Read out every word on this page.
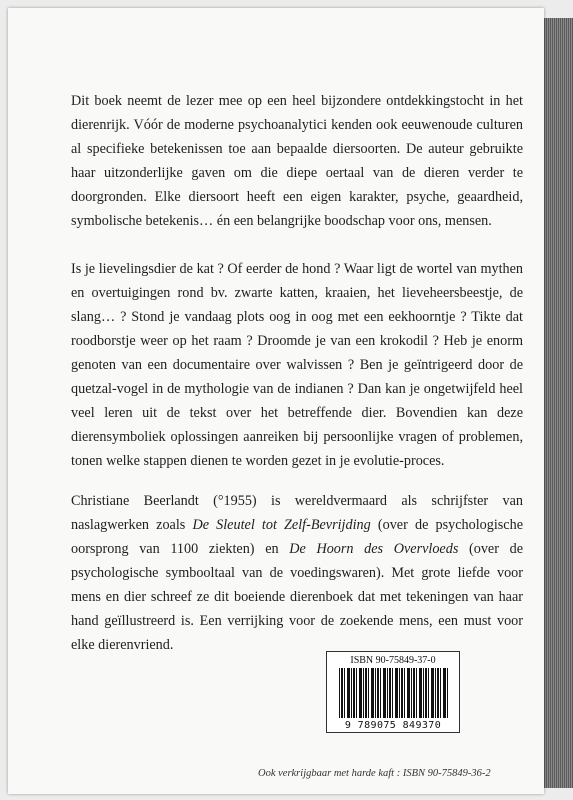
Dit boek neemt de lezer mee op een heel bijzondere ontdekkingstocht in het dierenrijk. Vóór de moderne psychoanalytici kenden ook eeuwenoude culturen al specifieke betekenissen toe aan bepaalde diersoorten. De auteur gebruikte haar uitzonderlijke gaven om die diepe oertaal van de dieren verder te doorgronden. Elke diersoort heeft een eigen karakter, psyche, geaardheid, symbolische betekenis… én een belangrijke boodschap voor ons, mensen.

Is je lievelingsdier de kat ? Of eerder de hond ? Waar ligt de wortel van mythen en overtuigingen rond bv. zwarte katten, kraaien, het lieveheersbeestje, de slang… ? Stond je vandaag plots oog in oog met een eekhoorntje ? Tikte dat roodborstje weer op het raam ? Droomde je van een krokodil ? Heb je enorm genoten van een documentaire over walvissen ? Ben je geïntrigeerd door de quetzal-vogel in de mythologie van de indianen ? Dan kan je ongetwijfeld heel veel leren uit de tekst over het betreffende dier. Bovendien kan deze dierensymboliek oplossingen aanreiken bij persoonlijke vragen of problemen, tonen welke stappen dienen te worden gezet in je evolutie-proces.

Christiane Beerlandt (°1955) is wereldvermaard als schrijfster van naslagwerken zoals De Sleutel tot Zelf-Bevrijding (over de psychologische oorsprong van 1100 ziekten) en De Hoorn des Overvloeds (over de psychologische symbooltaal van de voedingswaren). Met grote liefde voor mens en dier schreef ze dit boeiende dierenboek dat met tekeningen van haar hand geïllustreerd is. Een verrijking voor de zoekende mens, een must voor elke dierenvriend.

ISBN 90-75849-37-0
9 789075 849370
Ook verkrijgbaar met harde kaft : ISBN 90-75849-36-2
